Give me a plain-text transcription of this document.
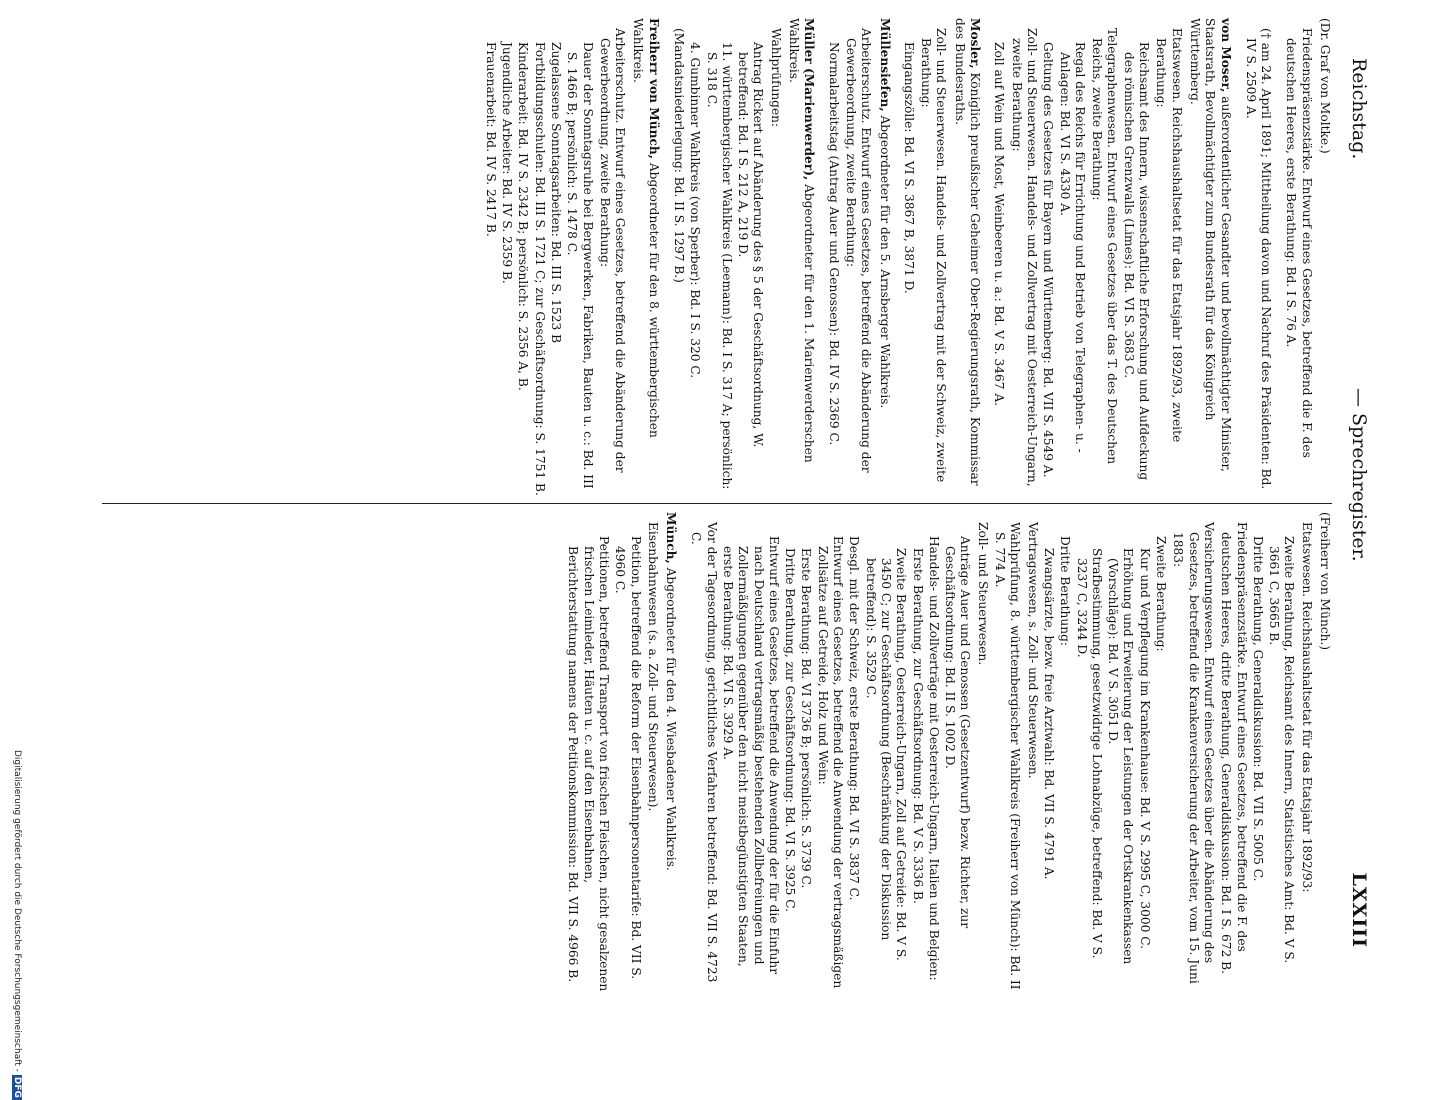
Reichstag.
— Sprechregister.
LXXIII
(Dr. Graf von Moltke.)
Friedenspräsenzstärke. Entwurf eines Gesetzes, betreffend die F. des deutschen Heeres, erste Berathung: Bd. I S. 76 A.
(† am 24. April 1891; Mittheilung davon und Nachruf des Präsidenten: Bd. IV S. 2509 A.
von Moser, außerordentlicher Gesandter und bevollmächtigter Minister, Staatsrath, Bevollmächtigter zum Bundesrath für das Königreich Württemberg.
Etatswesen. Reichshaushaltsetat für das Etatsjahr 1892/93, zweite Berathung:
Reichsamt des Innern, wissenschaftliche Erforschung und Aufdeckung des römischen Grenzwalls (Limes): Bd. VI S. 3683 C.
Telegraphenwesen. Entwurf eines Gesetzes über das T. des Deutschen Reichs, zweite Berathung:
Regal des Reichs für Errichtung und Betrieb von Telegraphen- u. -Anlagen: Bd. VI S. 4330 A.
Geltung des Gesetzes für Bayern und Württemberg: Bd. VII S. 4549 A.
Zoll- und Steuerwesen. Handels- und Zollvertrag mit Oesterreich-Ungarn, zweite Berathung:
Zoll auf Wein und Most, Weinbeeren u. a.: Bd. V S. 3467 A.
Mosler, Königlich preußischer Geheimer Ober-Regierungsrath, Kommissar des Bundesraths.
Zoll- und Steuerwesen. Handels- und Zollvertrag mit der Schweiz, zweite Berathung:
Eingangszölle: Bd. VI S. 3867 B, 3871 D.
Müllensiefen, Abgeordneter für den 5. Arnsberger Wahlkreis.
Arbeiterschutz. Entwurf eines Gesetzes, betreffend die Abänderung der Gewerbeordnung, zweite Berathung:
Normalarbeitstag (Antrag Auer und Genossen): Bd. IV S. 2369 C.
Müller (Marienwerder), Abgeordneter für den 1. Marienwerderschen Wahlkreis.
Wahlprüfungen:
Antrag Rickert auf Abänderung des § 5 der Geschäftsordnung, W. betreffend: Bd. I S. 212 A, 219 D.
11. württembergischer Wahlkreis (Leemann): Bd. I S. 317 A; persönlich: S. 318 C.
4. Gumbinner Wahlkreis (von Sperber): Bd. I S. 320 C.
(Mandatsniederlegung: Bd. II S. 1297 B.)
Freiherr von Münch, Abgeordneter für den 8. württembergischen Wahlkreis.
Arbeiterschutz. Entwurf eines Gesetzes, betreffend die Abänderung der Gewerbeordnung, zweite Berathung:
Dauer der Sonntagsruhe bei Bergwerken, Fabriken, Bauten u. c.: Bd. III S. 1466 B; persönlich: S. 1478 C.
Zugelassene Sonntagsarbeiten: Bd. III S. 1523 B
Fortbildungsschulen: Bd. III S. 1721 C; zur Geschäftsordnung: S. 1751 B.
Kinderarbeit: Bd. IV S. 2342 B; persönlich: S. 2356 A, B.
Jugendliche Arbeiter: Bd. IV S. 2359 B.
Frauenarbeit: Bd. IV S. 2417 B.
(Freiherr von Münch.)
Etatswesen. Reichshaushaltsetat für das Etatsjahr 1892/93:
Zweite Berathung, Reichsamt des Innern, Statistisches Amt: Bd. V S. 3661 C, 3665 B.
Dritte Berathung, Generaldiskussion: Bd. VII S. 5005 C.
Friedenspräsenzstärke. Entwurf eines Gesetzes, betreffend die F. des deutschen Heeres, dritte Berathung, Generaldiskussion: Bd. I S. 672 B.
Versicherungswesen. Entwurf eines Gesetzes über die Abänderung des Gesetzes, betreffend die Krankenversicherung der Arbeiter, vom 15. Juni 1883:
Zweite Berathung:
Kur und Verpflegung im Krankenhause: Bd. V S. 2995 C, 3000 C.
Erhöhung und Erweiterung der Leistungen der Ortskrankenkassen (Vorschläge): Bd. V S. 3051 D.
Strafbestimmung, gesetzwidrige Lohnabzüge, betreffend: Bd. V S. 3237 C, 3244 D.
Dritte Berathung:
Zwangsärzte, bezw. freie Arztwahl: Bd. VII S. 4791 A.
Vertragswesen, s. Zoll- und Steuerwesen.
Wahlprüfung, 8. württembergischer Wahlkreis (Freiherr von Münch): Bd. II S. 774 A.
Zoll- und Steuerwesen.
Anträge Auer und Genossen (Gesetzentwurf) bezw. Richter, zur Geschäftsordnung: Bd. II S. 1002 D.
Handels- und Zollverträge mit Oesterreich-Ungarn, Italien und Belgien:
Erste Berathung, zur Geschäftsordnung: Bd. V S. 3336 B.
Zweite Berathung, Oesterreich-Ungarn, Zoll auf Getreide: Bd. V S. 3450 C; zur Geschäftsordnung (Beschränkung der Diskussion betreffend): S. 3529 C.
Desgl. mit der Schweiz, erste Berathung: Bd. VI S. 3837 C.
Entwurf eines Gesetzes, betreffend die Anwendung der vertragsmäßigen Zollsätze auf Getreide, Holz und Wein:
Erste Berathung: Bd. VI 3736 B; persönlich: S. 3739 C.
Dritte Berathung, zur Geschäftsordnung: Bd. VI S. 3925 C.
Entwurf eines Gesetzes, betreffend die Anwendung der für die Einfuhr nach Deutschland vertragsmäßig bestehenden Zollbefreiungen und Zollermäßigungen gegenüber den nicht meistbegünstigten Staaten, erste Berathung: Bd. VI S. 3929 A.
Vor der Tagesordnung, gerichtliches Verfahren betreffend: Bd. VII S. 4723 C.
Münch, Abgeordneter für den 4. Wiesbadener Wahlkreis.
Eisenbahnwesen (s. a. Zoll- und Steuerwesen).
Petition, betreffend die Reform der Eisenbahnpersonentarife: Bd. VII S. 4960 C.
Petitionen, betreffend Transport von frischen Fleischen, nicht gesalzenen frischen Leimleder, Häuten u. c. auf den Eisenbahnen, Berichterstattung namens der Petitionskommission: Bd. VII S. 4966 B.
Digitalisierung gefördert durch die Deutsche Forschungsgemeinschaft -DFG
